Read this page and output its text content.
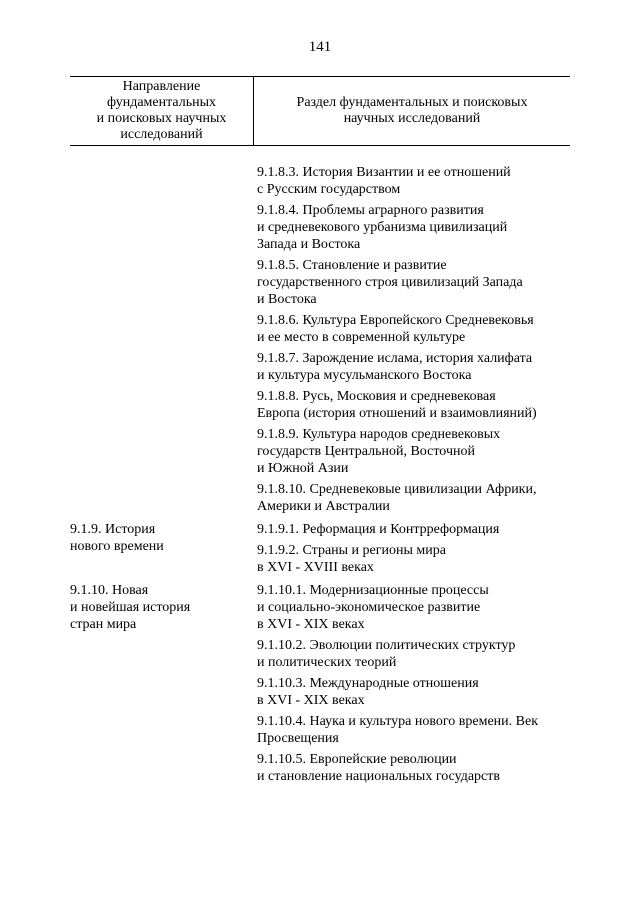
141
Направление
фундаментальных
и поисковых научных
исследований
Раздел фундаментальных и поисковых
научных исследований
9.1.8.3. История Византии и ее отношений
с Русским государством
9.1.8.4. Проблемы аграрного развития
и средневекового урбанизма цивилизаций
Запада и Востока
9.1.8.5. Становление и развитие
государственного строя цивилизаций Запада
и Востока
9.1.8.6. Культура Европейского Средневековья
и ее место в современной культуре
9.1.8.7. Зарождение ислама, история халифата
и культура мусульманского Востока
9.1.8.8. Русь, Московия и средневековая
Европа (история отношений и взаимовлияний)
9.1.8.9. Культура народов средневековых
государств Центральной, Восточной
и Южной Азии
9.1.8.10. Средневековые цивилизации Африки,
Америки и Австралии
9.1.9. История
нового времени
9.1.9.1. Реформация и Контрреформация
9.1.9.2. Страны и регионы мира
в XVI - XVIII веках
9.1.10. Новая
и новейшая история
стран мира
9.1.10.1. Модернизационные процессы
и социально-экономическое развитие
в XVI - XIX веках
9.1.10.2. Эволюции политических структур
и политических теорий
9.1.10.3. Международные отношения
в XVI - XIX веках
9.1.10.4. Наука и культура нового времени. Век
Просвещения
9.1.10.5. Европейские революции
и становление национальных государств
